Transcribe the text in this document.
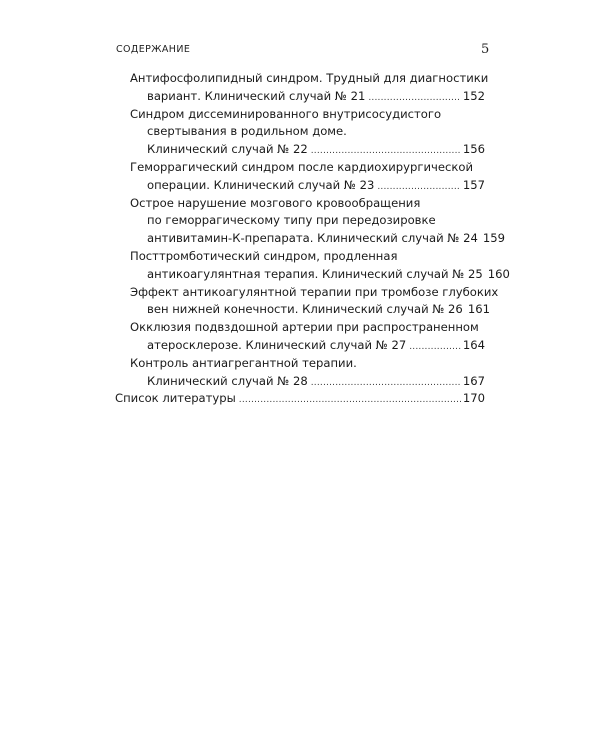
СОДЕРЖАНИЕ	5
Антифосфолипидный синдром. Трудный для диагностики
вариант. Клинический случай № 21 .....	152
Синдром диссеминированного внутрисосудистого
свертывания в родильном доме.
Клинический случай № 22 .....	156
Геморрагический синдром после кардиохирургической
операции. Клинический случай № 23 .....	157
Острое нарушение мозгового кровообращения
по геморрагическому типу при передозировке
антивитамин-К-препарата. Клинический случай № 24 159
Посттромботический синдром, продленная
антикоагулянтная терапия. Клинический случай № 25 160
Эффект антикоагулянтной терапии при тромбозе глубоких
вен нижней конечности. Клинический случай № 26 161
Окклюзия подвздошной артерии при распространенном
атеросклерозе. Клинический случай № 27 .....	164
Контроль антиагрегантной терапии.
Клинический случай № 28 .....	167
Список литературы .....	170
